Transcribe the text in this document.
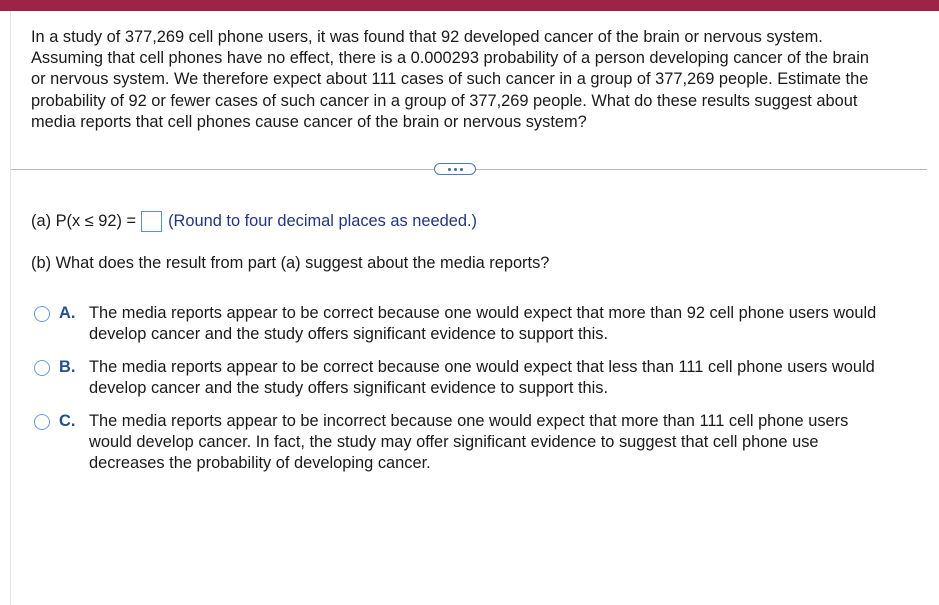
In a study of 377,269 cell phone users, it was found that 92 developed cancer of the brain or nervous system.
Assuming that cell phones have no effect, there is a 0.000293 probability of a person developing cancer of the brain
or nervous system. We therefore expect about 111 cases of such cancer in a group of 377,269 people. Estimate the
probability of 92 or fewer cases of such cancer in a group of 377,269 people. What do these results suggest about
media reports that cell phones cause cancer of the brain or nervous system?
(a) P(x ≤ 92) = (Round to four decimal places as needed.)
(b) What does the result from part (a) suggest about the media reports?
A. The media reports appear to be correct because one would expect that more than 92 cell phone users would
develop cancer and the study offers significant evidence to support this.
B. The media reports appear to be correct because one would expect that less than 111 cell phone users would
develop cancer and the study offers significant evidence to support this.
C. The media reports appear to be incorrect because one would expect that more than 111 cell phone users
would develop cancer. In fact, the study may offer significant evidence to suggest that cell phone use
decreases the probability of developing cancer.
